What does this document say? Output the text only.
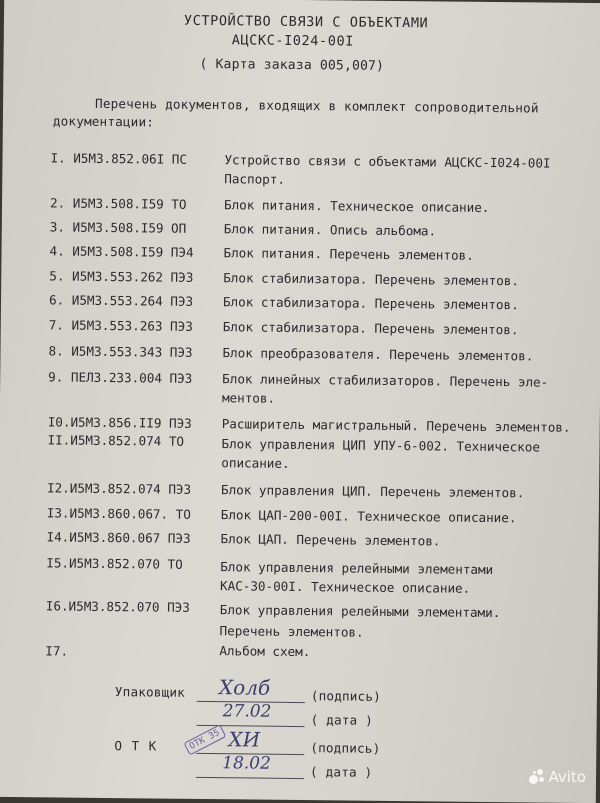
УСТРОЙСТВО СВЯЗИ С ОБЪЕКТАМИ
АЦСКС-I024-00I
( Карта заказа 005,007)
Перечень документов, входящих в комплект сопроводительной
документации:
I. И5М3.852.06I ПС	Устройство связи с объектами АЦСКС-I024-00I
Паспорт.
2. И5М3.508.I59 ТО	Блок питания. Техническое описание.
3. И5М3.508.I59 ОП	Блок питания. Опись альбома.
4. И5М3.508.I59 ПЭ4 Блок питания. Перечень элементов.
5. И5М3.553.262 ПЭЗ Блок стабилизатора. Перечень элементов.
6. И5М3.553.264 ПЭЗ Блок стабилизатора. Перечень элементов.
7. И5М3.553.263 ПЭЗ Блок стабилизатора. Перечень элементов.
8. И5М3.553.343 ПЭЗ Блок преобразователя. Перечень элементов.
9. ПЕЛЗ.233.004 ПЭЗ Блок линейных стабилизаторов. Перечень эле-
ментов.
I0.И5М3.856.II9 ПЭЗ Расширитель магистральный. Перечень элементов.
II.И5М3.852.074 ТО	Блок управления ЦИП УПУ-6-002. Техническое
описание.
I2.И5М3.852.074 ПЭЗ Блок управления ЦИП. Перечень элементов.
I3.И5М3.860.067. ТО Блок ЦАП-200-00I. Техническое описание.
I4.И5М3.860.067 ПЭЗ Блок ЦАП. Перечень элементов.
I5.И5М3.852.070 ТО	Блок управления релейными элементами
КАС-30-00I. Техническое описание.
I6.И5М3.852.070 ПЭЗ Блок управления релейными элементами.
Перечень элементов.
I7.	Альбом схем.
Упаковщик Холб	(подпись)
27.02	( дата )
О Т К	ХИ	(подпись)
ОТК 35
18.02	( дата )	Avito
